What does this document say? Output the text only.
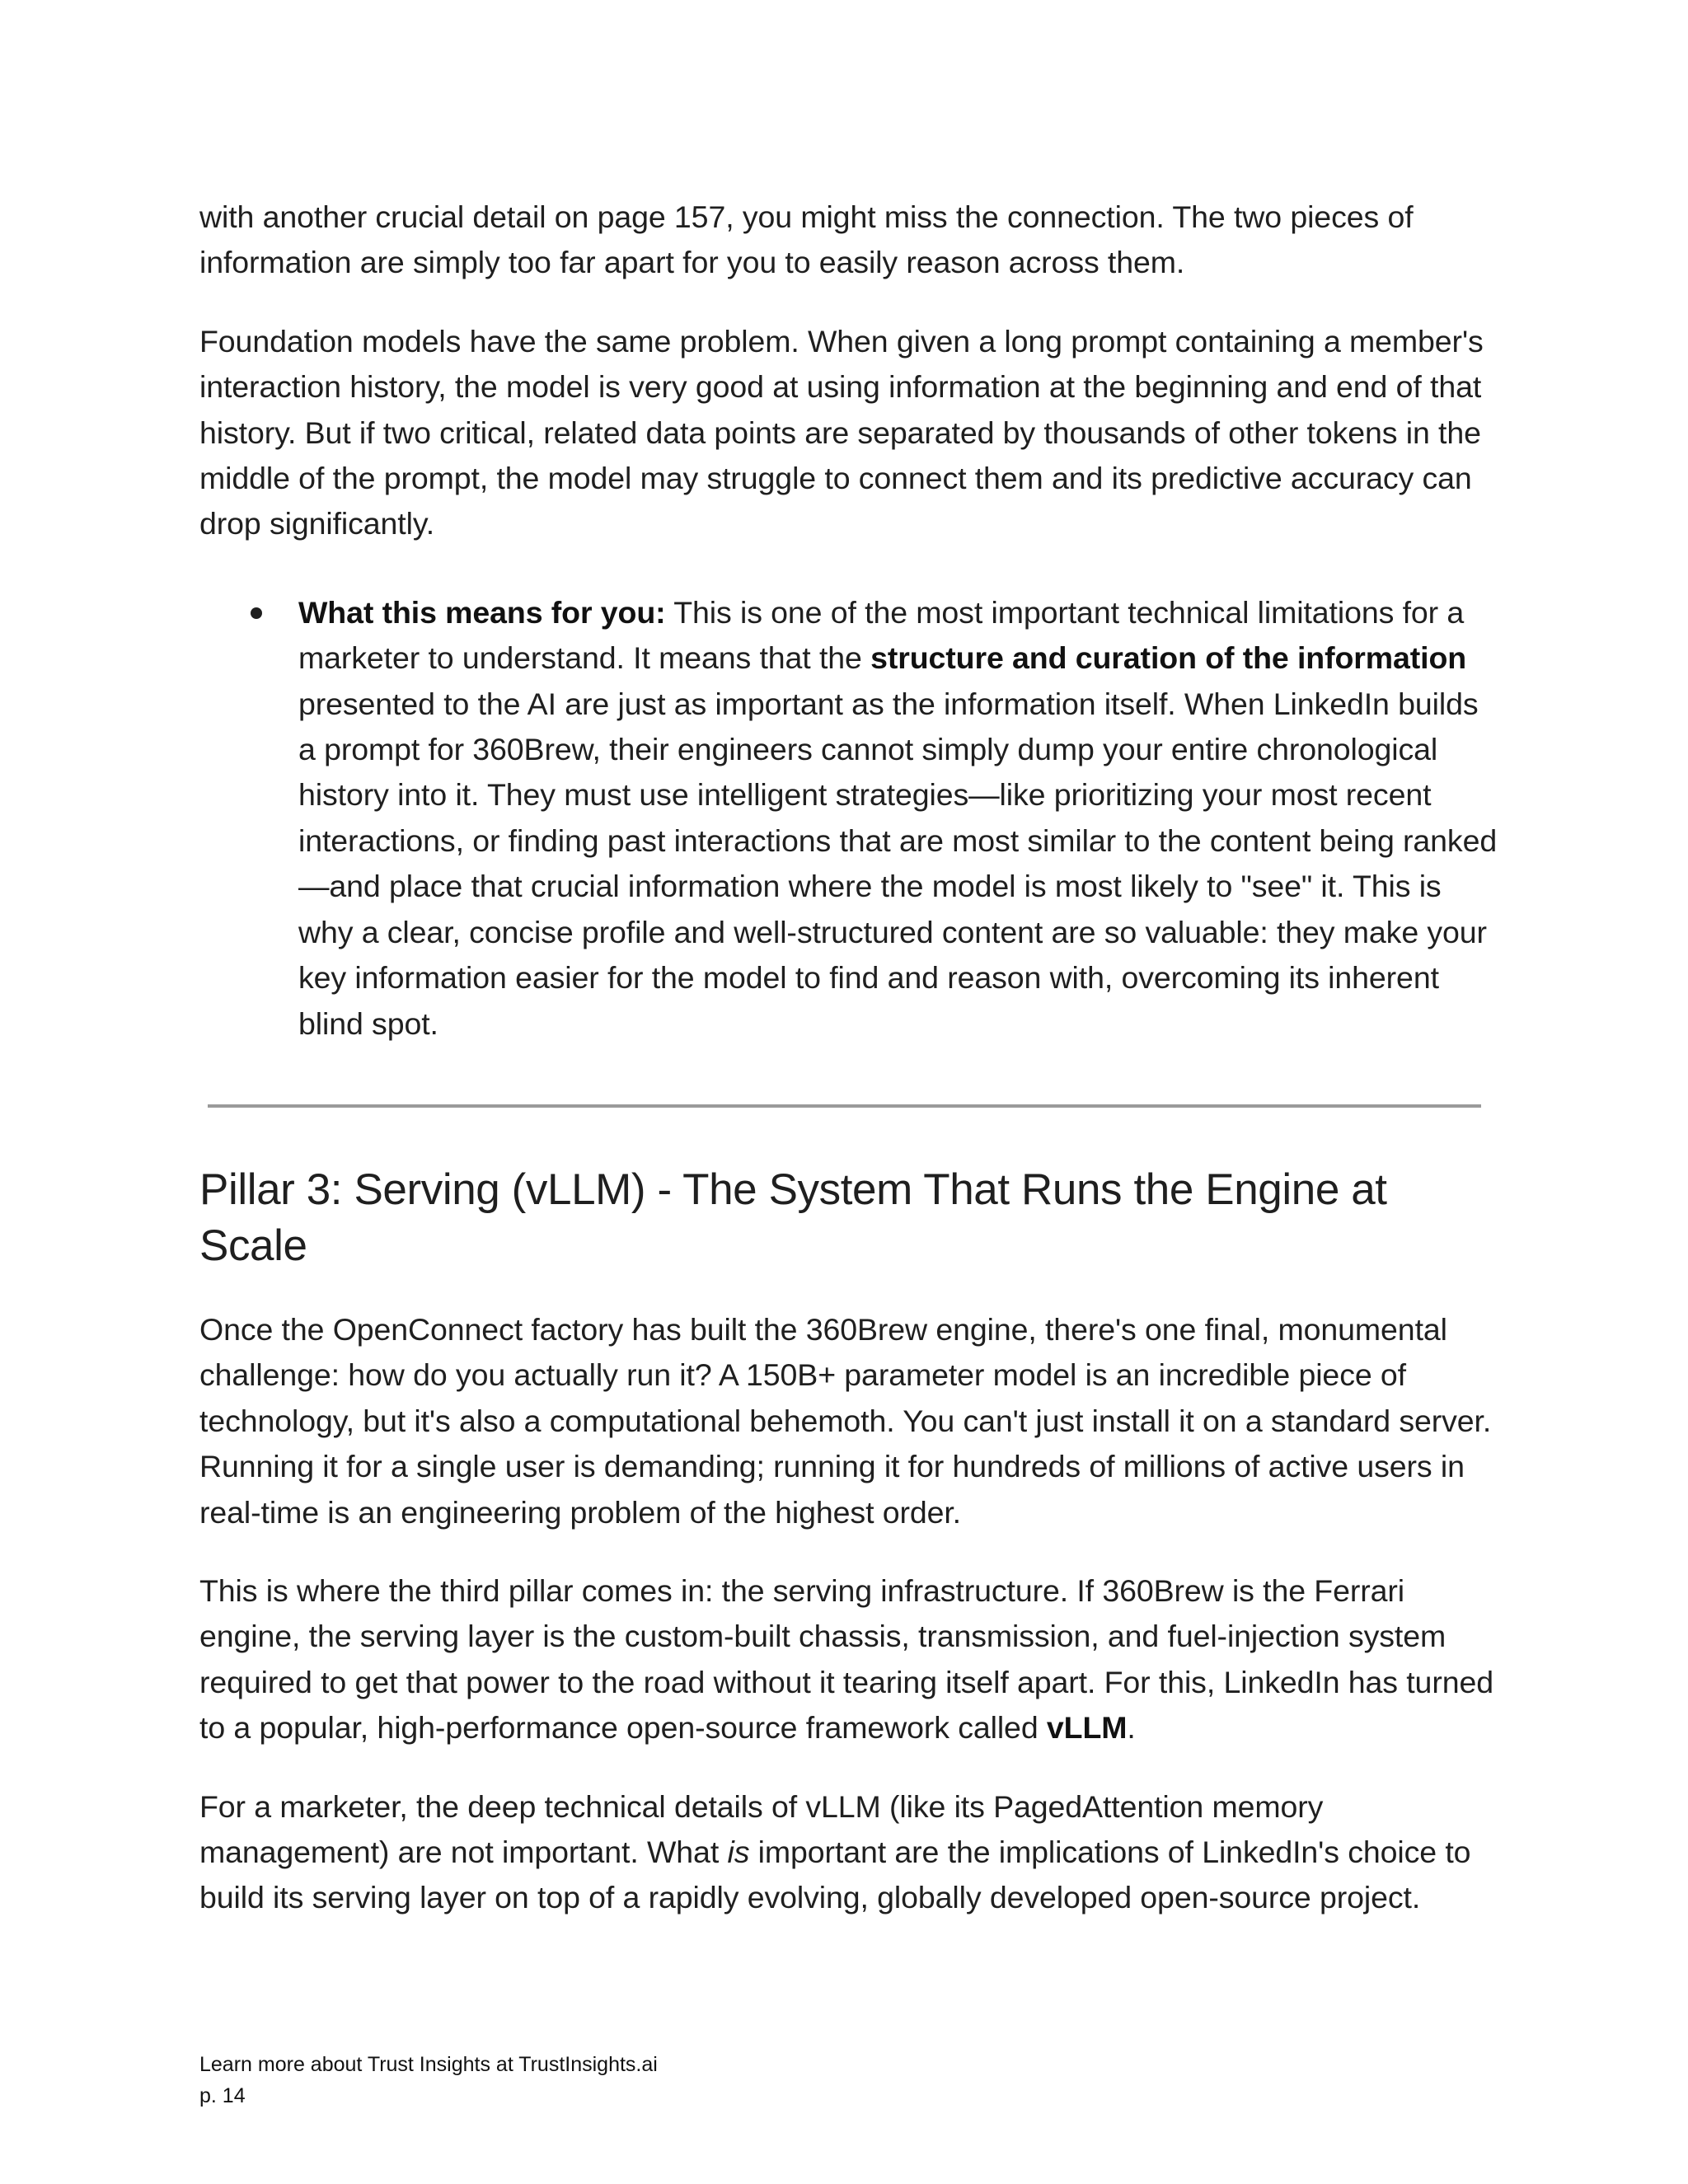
with another crucial detail on page 157, you might miss the connection. The two pieces of information are simply too far apart for you to easily reason across them.

Foundation models have the same problem. When given a long prompt containing a member's interaction history, the model is very good at using information at the beginning and end of that history. But if two critical, related data points are separated by thousands of other tokens in the middle of the prompt, the model may struggle to connect them and its predictive accuracy can drop significantly.

What this means for you: This is one of the most important technical limitations for a marketer to understand. It means that the structure and curation of the information presented to the AI are just as important as the information itself. When LinkedIn builds a prompt for 360Brew, their engineers cannot simply dump your entire chronological history into it. They must use intelligent strategies—like prioritizing your most recent interactions, or finding past interactions that are most similar to the content being ranked—and place that crucial information where the model is most likely to "see" it. This is why a clear, concise profile and well-structured content are so valuable: they make your key information easier for the model to find and reason with, overcoming its inherent blind spot.
Pillar 3: Serving (vLLM) - The System That Runs the Engine at Scale

Once the OpenConnect factory has built the 360Brew engine, there's one final, monumental challenge: how do you actually run it? A 150B+ parameter model is an incredible piece of technology, but it's also a computational behemoth. You can't just install it on a standard server. Running it for a single user is demanding; running it for hundreds of millions of active users in real-time is an engineering problem of the highest order.

This is where the third pillar comes in: the serving infrastructure. If 360Brew is the Ferrari engine, the serving layer is the custom-built chassis, transmission, and fuel-injection system required to get that power to the road without it tearing itself apart. For this, LinkedIn has turned to a popular, high-performance open-source framework called vLLM.

For a marketer, the deep technical details of vLLM (like its PagedAttention memory management) are not important. What is important are the implications of LinkedIn's choice to build its serving layer on top of a rapidly evolving, globally developed open-source project.

Learn more about Trust Insights at TrustInsights.ai
p. 14
